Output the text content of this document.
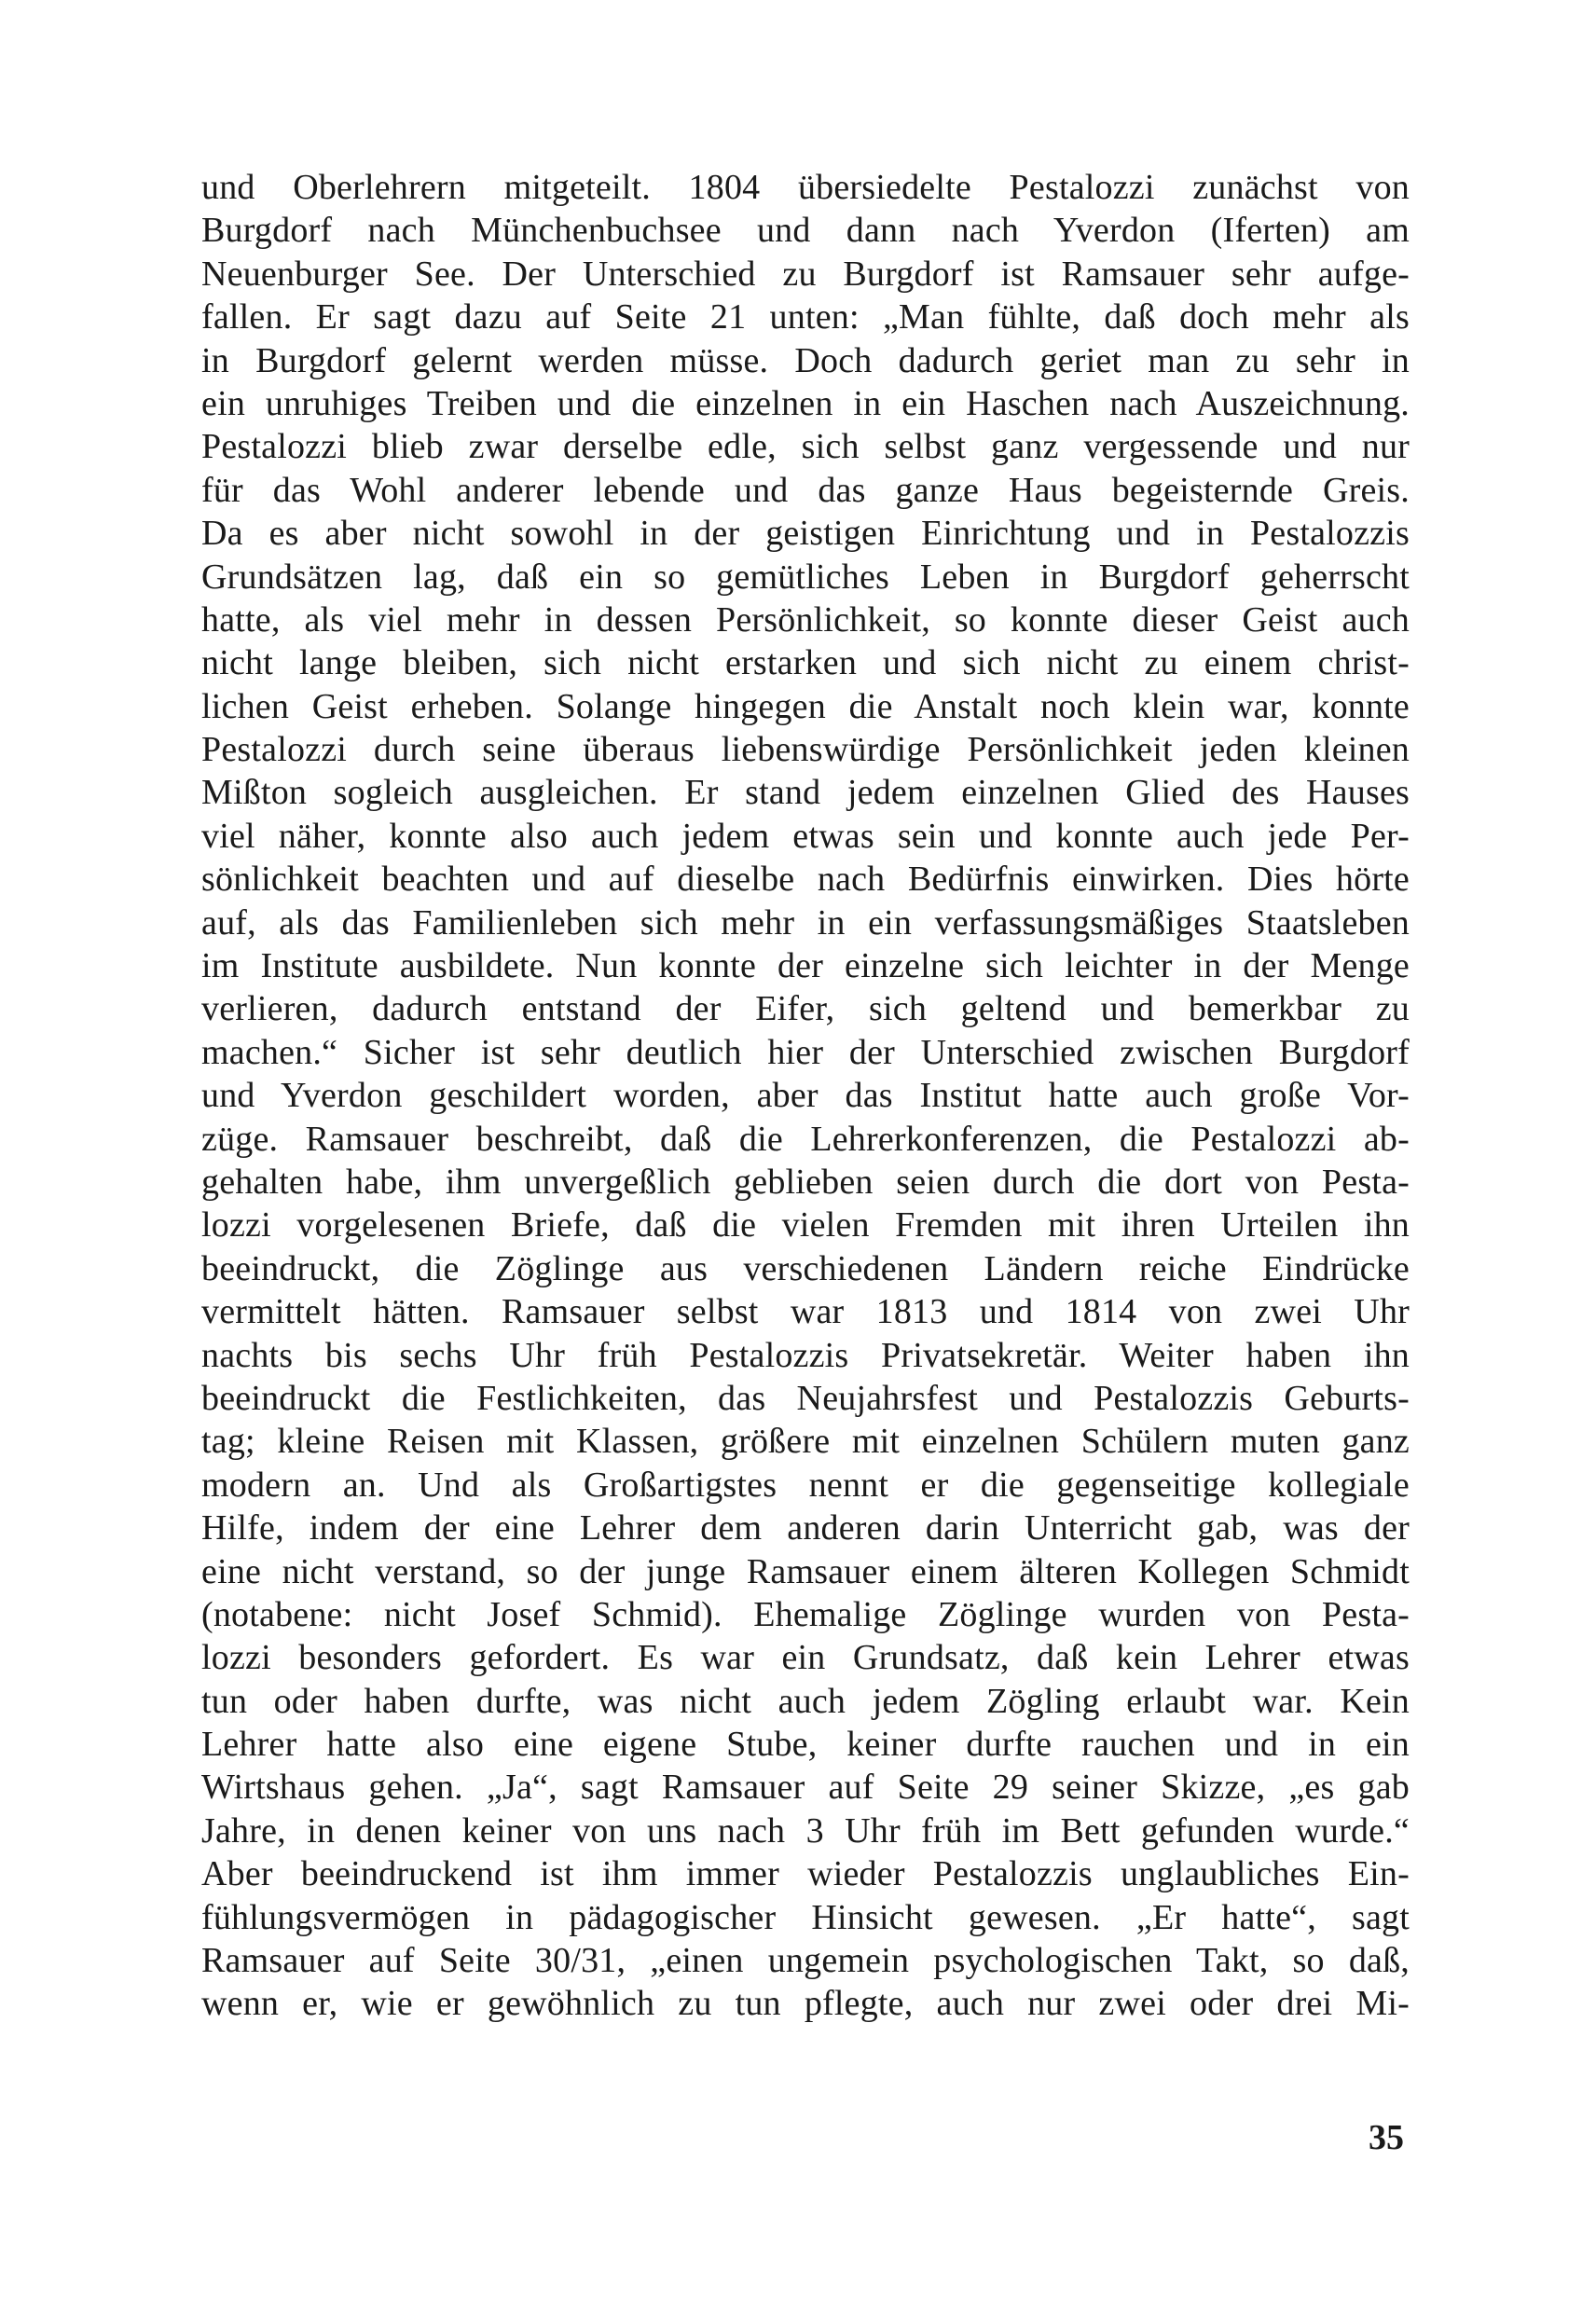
und Oberlehrern mitgeteilt. 1804 übersiedelte Pestalozzi zunächst von
Burgdorf nach Münchenbuchsee und dann nach Yverdon (Iferten) am
Neuenburger See. Der Unterschied zu Burgdorf ist Ramsauer sehr aufge-
fallen. Er sagt dazu auf Seite 21 unten: „Man fühlte, daß doch mehr als
in Burgdorf gelernt werden müsse. Doch dadurch geriet man zu sehr in
ein unruhiges Treiben und die einzelnen in ein Haschen nach Auszeichnung.
Pestalozzi blieb zwar derselbe edle, sich selbst ganz vergessende und nur
für das Wohl anderer lebende und das ganze Haus begeisternde Greis.
Da es aber nicht sowohl in der geistigen Einrichtung und in Pestalozzis
Grundsätzen lag, daß ein so gemütliches Leben in Burgdorf geherrscht
hatte, als viel mehr in dessen Persönlichkeit, so konnte dieser Geist auch
nicht lange bleiben, sich nicht erstarken und sich nicht zu einem christ-
lichen Geist erheben. Solange hingegen die Anstalt noch klein war, konnte
Pestalozzi durch seine überaus liebenswürdige Persönlichkeit jeden kleinen
Mißton sogleich ausgleichen. Er stand jedem einzelnen Glied des Hauses
viel näher, konnte also auch jedem etwas sein und konnte auch jede Per-
sönlichkeit beachten und auf dieselbe nach Bedürfnis einwirken. Dies hörte
auf, als das Familienleben sich mehr in ein verfassungsmäßiges Staatsleben
im Institute ausbildete. Nun konnte der einzelne sich leichter in der Menge
verlieren, dadurch entstand der Eifer, sich geltend und bemerkbar zu
machen.“ Sicher ist sehr deutlich hier der Unterschied zwischen Burgdorf
und Yverdon geschildert worden, aber das Institut hatte auch große Vor-
züge. Ramsauer beschreibt, daß die Lehrerkonferenzen, die Pestalozzi ab-
gehalten habe, ihm unvergeßlich geblieben seien durch die dort von Pesta-
lozzi vorgelesenen Briefe, daß die vielen Fremden mit ihren Urteilen ihn
beeindruckt, die Zöglinge aus verschiedenen Ländern reiche Eindrücke
vermittelt hätten. Ramsauer selbst war 1813 und 1814 von zwei Uhr
nachts bis sechs Uhr früh Pestalozzis Privatsekretär. Weiter haben ihn
beeindruckt die Festlichkeiten, das Neujahrsfest und Pestalozzis Geburts-
tag; kleine Reisen mit Klassen, größere mit einzelnen Schülern muten ganz
modern an. Und als Großartigstes nennt er die gegenseitige kollegiale
Hilfe, indem der eine Lehrer dem anderen darin Unterricht gab, was der
eine nicht verstand, so der junge Ramsauer einem älteren Kollegen Schmidt
(notabene: nicht Josef Schmid). Ehemalige Zöglinge wurden von Pesta-
lozzi besonders gefordert. Es war ein Grundsatz, daß kein Lehrer etwas
tun oder haben durfte, was nicht auch jedem Zögling erlaubt war. Kein
Lehrer hatte also eine eigene Stube, keiner durfte rauchen und in ein
Wirtshaus gehen. „Ja“, sagt Ramsauer auf Seite 29 seiner Skizze, „es gab
Jahre, in denen keiner von uns nach 3 Uhr früh im Bett gefunden wurde.“
Aber beeindruckend ist ihm immer wieder Pestalozzis unglaubliches Ein-
fühlungsvermögen in pädagogischer Hinsicht gewesen. „Er hatte“, sagt
Ramsauer auf Seite 30/31, „einen ungemein psychologischen Takt, so daß,
wenn er, wie er gewöhnlich zu tun pflegte, auch nur zwei oder drei Mi-
35
